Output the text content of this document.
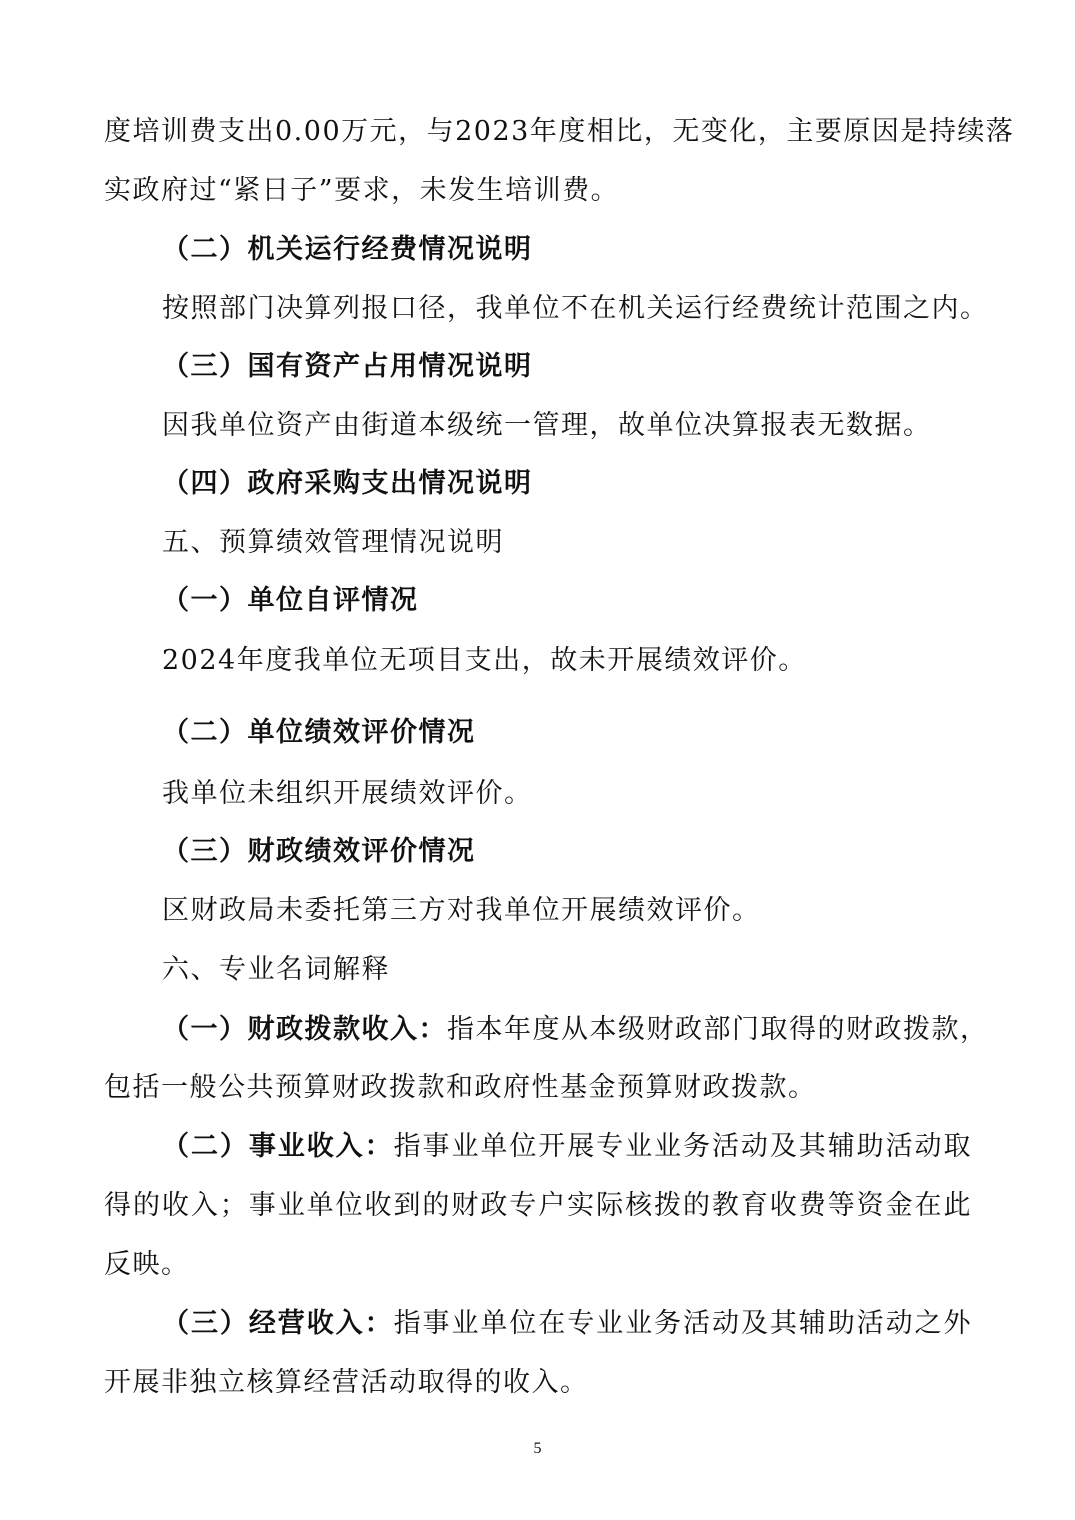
度培训费支出0.00万元，与2023年度相比，无变化，主要原因是持续落
实政府过“紧日子”要求，未发生培训费。
（二）机关运行经费情况说明
按照部门决算列报口径，我单位不在机关运行经费统计范围之内。
（三）国有资产占用情况说明
因我单位资产由街道本级统一管理，故单位决算报表无数据。
（四）政府采购支出情况说明
五、预算绩效管理情况说明
（一）单位自评情况
2024年度我单位无项目支出，故未开展绩效评价。
（二）单位绩效评价情况
我单位未组织开展绩效评价。
（三）财政绩效评价情况
区财政局未委托第三方对我单位开展绩效评价。
六、专业名词解释
（一）财政拨款收入：指本年度从本级财政部门取得的财政拨款，
包括一般公共预算财政拨款和政府性基金预算财政拨款。
（二）事业收入：指事业单位开展专业业务活动及其辅助活动取
得的收入；事业单位收到的财政专户实际核拨的教育收费等资金在此
反映。
（三）经营收入：指事业单位在专业业务活动及其辅助活动之外
开展非独立核算经营活动取得的收入。
5
